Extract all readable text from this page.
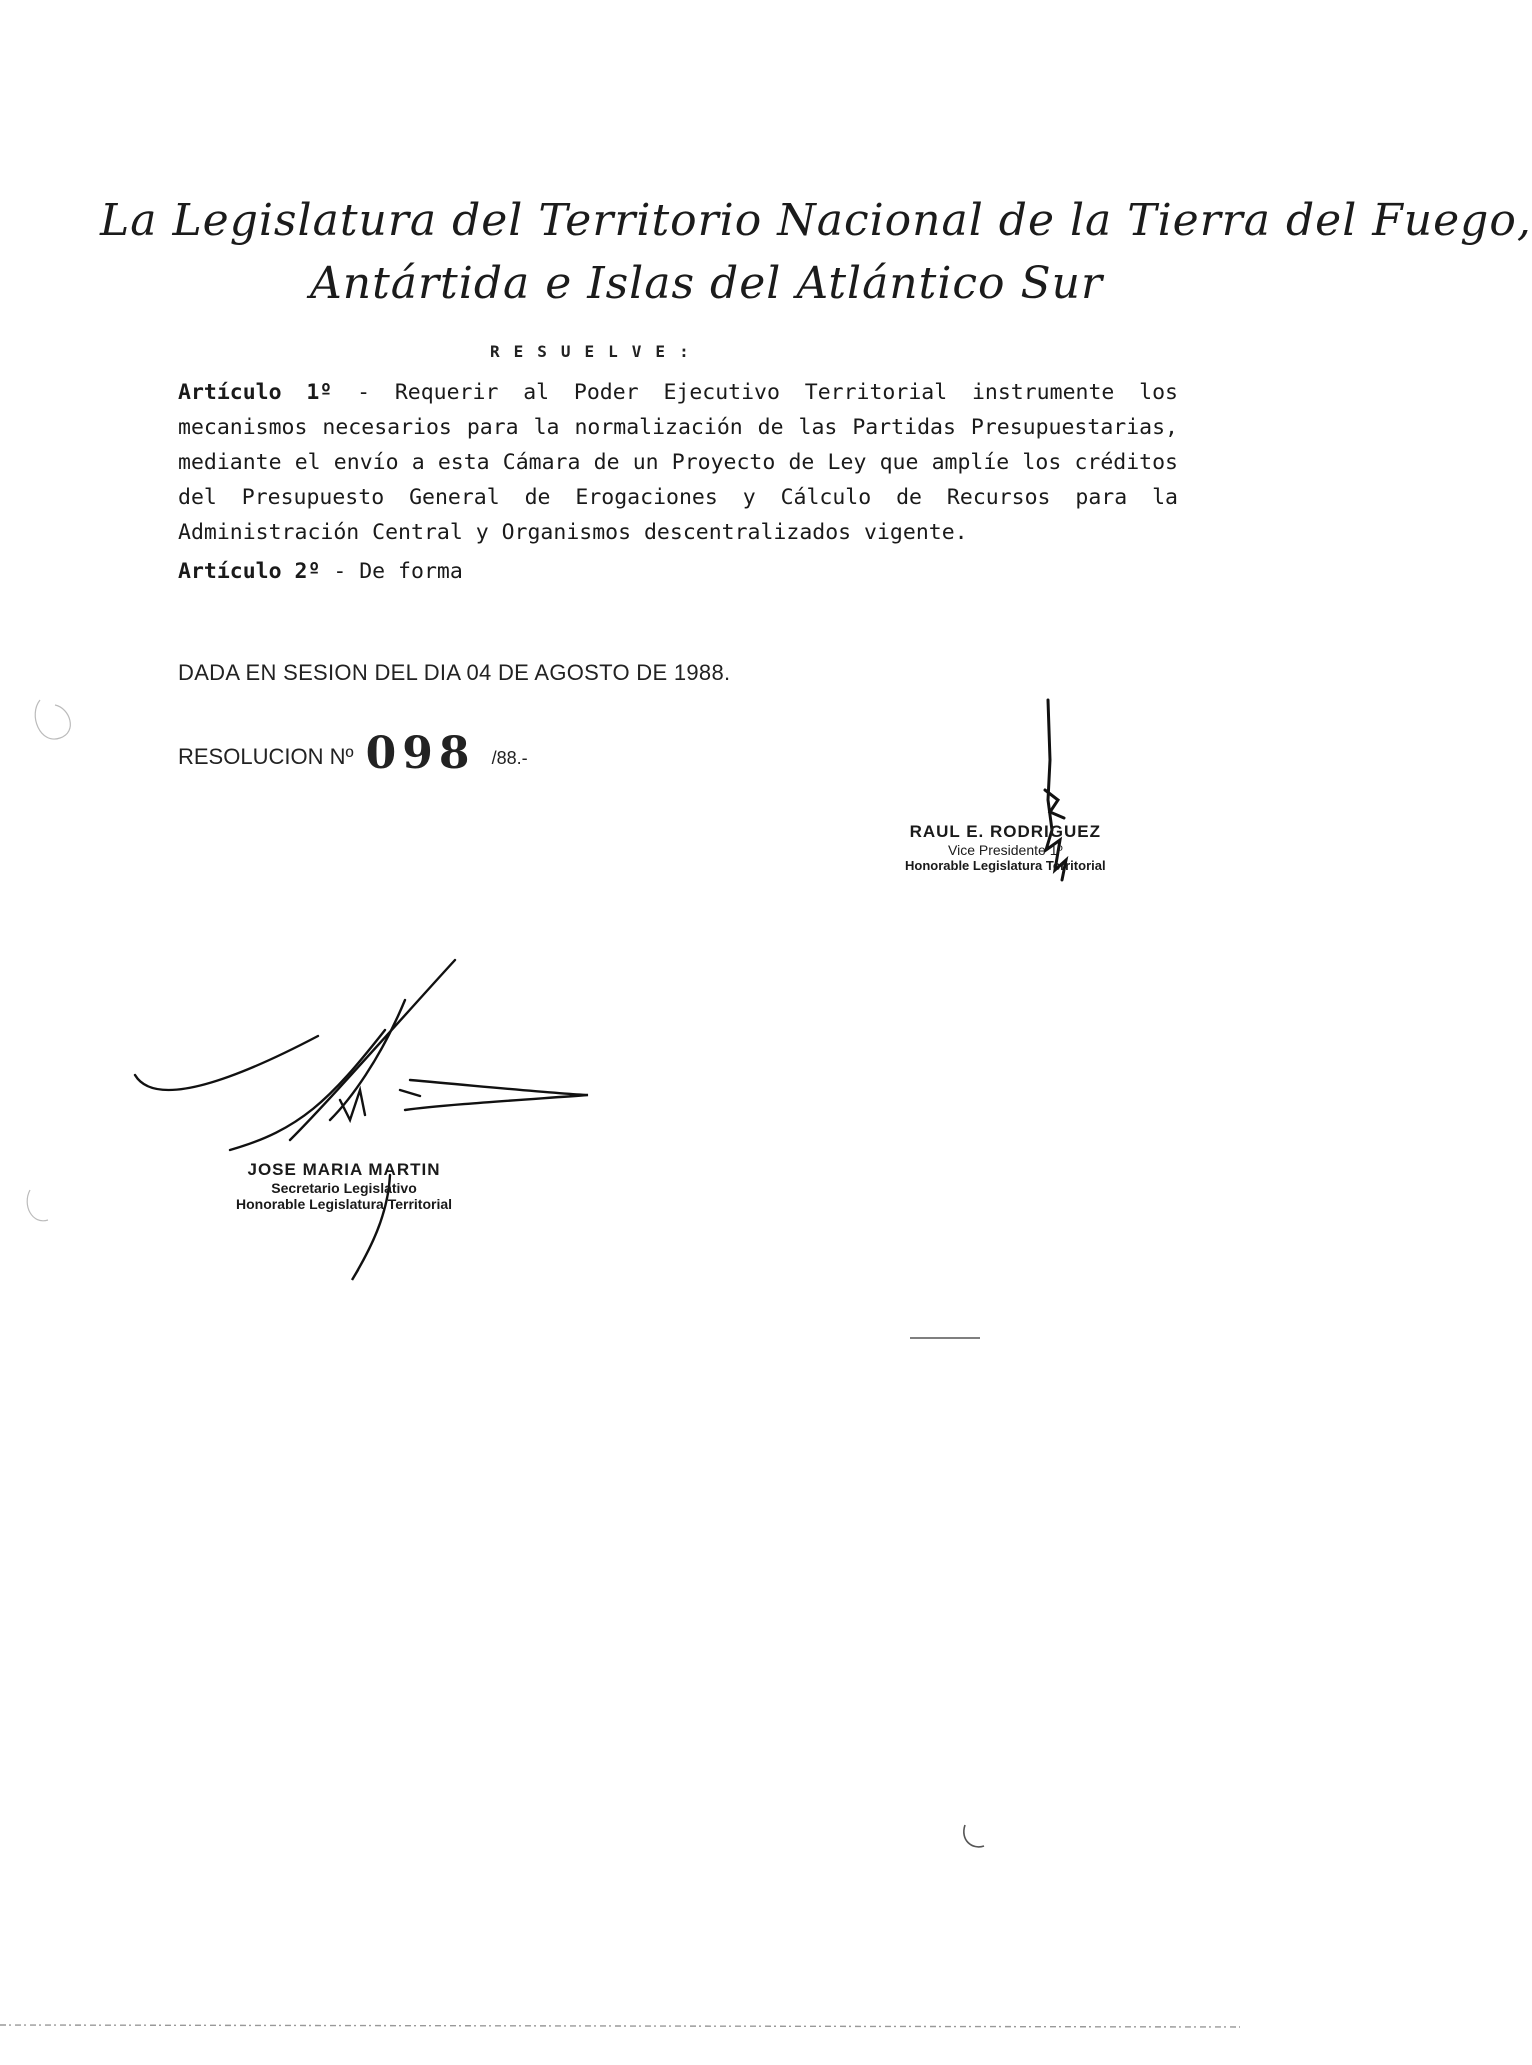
La Legislatura del Territorio Nacional de la Tierra del Fuego,
Antártida e Islas del Atlántico Sur
RESUELVE:

Artículo 1º - Requerir al Poder Ejecutivo Territorial instrumente los mecanismos necesarios para la normalización de las Partidas Presupuestarias, mediante el envío a esta Cámara de un Proyecto de Ley que amplíe los créditos del Presupuesto General de Erogaciones y Cálculo de Recursos para la Administración Central y Organismos descentralizados vigente.

Artículo 2º - De forma

DADA EN SESION DEL DIA 04 DE AGOSTO DE 1988.
RESOLUCION Nº 098 /88.-
RAUL E. RODRIGUEZ
Vice Presidente 1º
Honorable Legislatura Territorial
JOSE MARIA MARTIN
Secretario Legislativo
Honorable Legislatura Territorial
